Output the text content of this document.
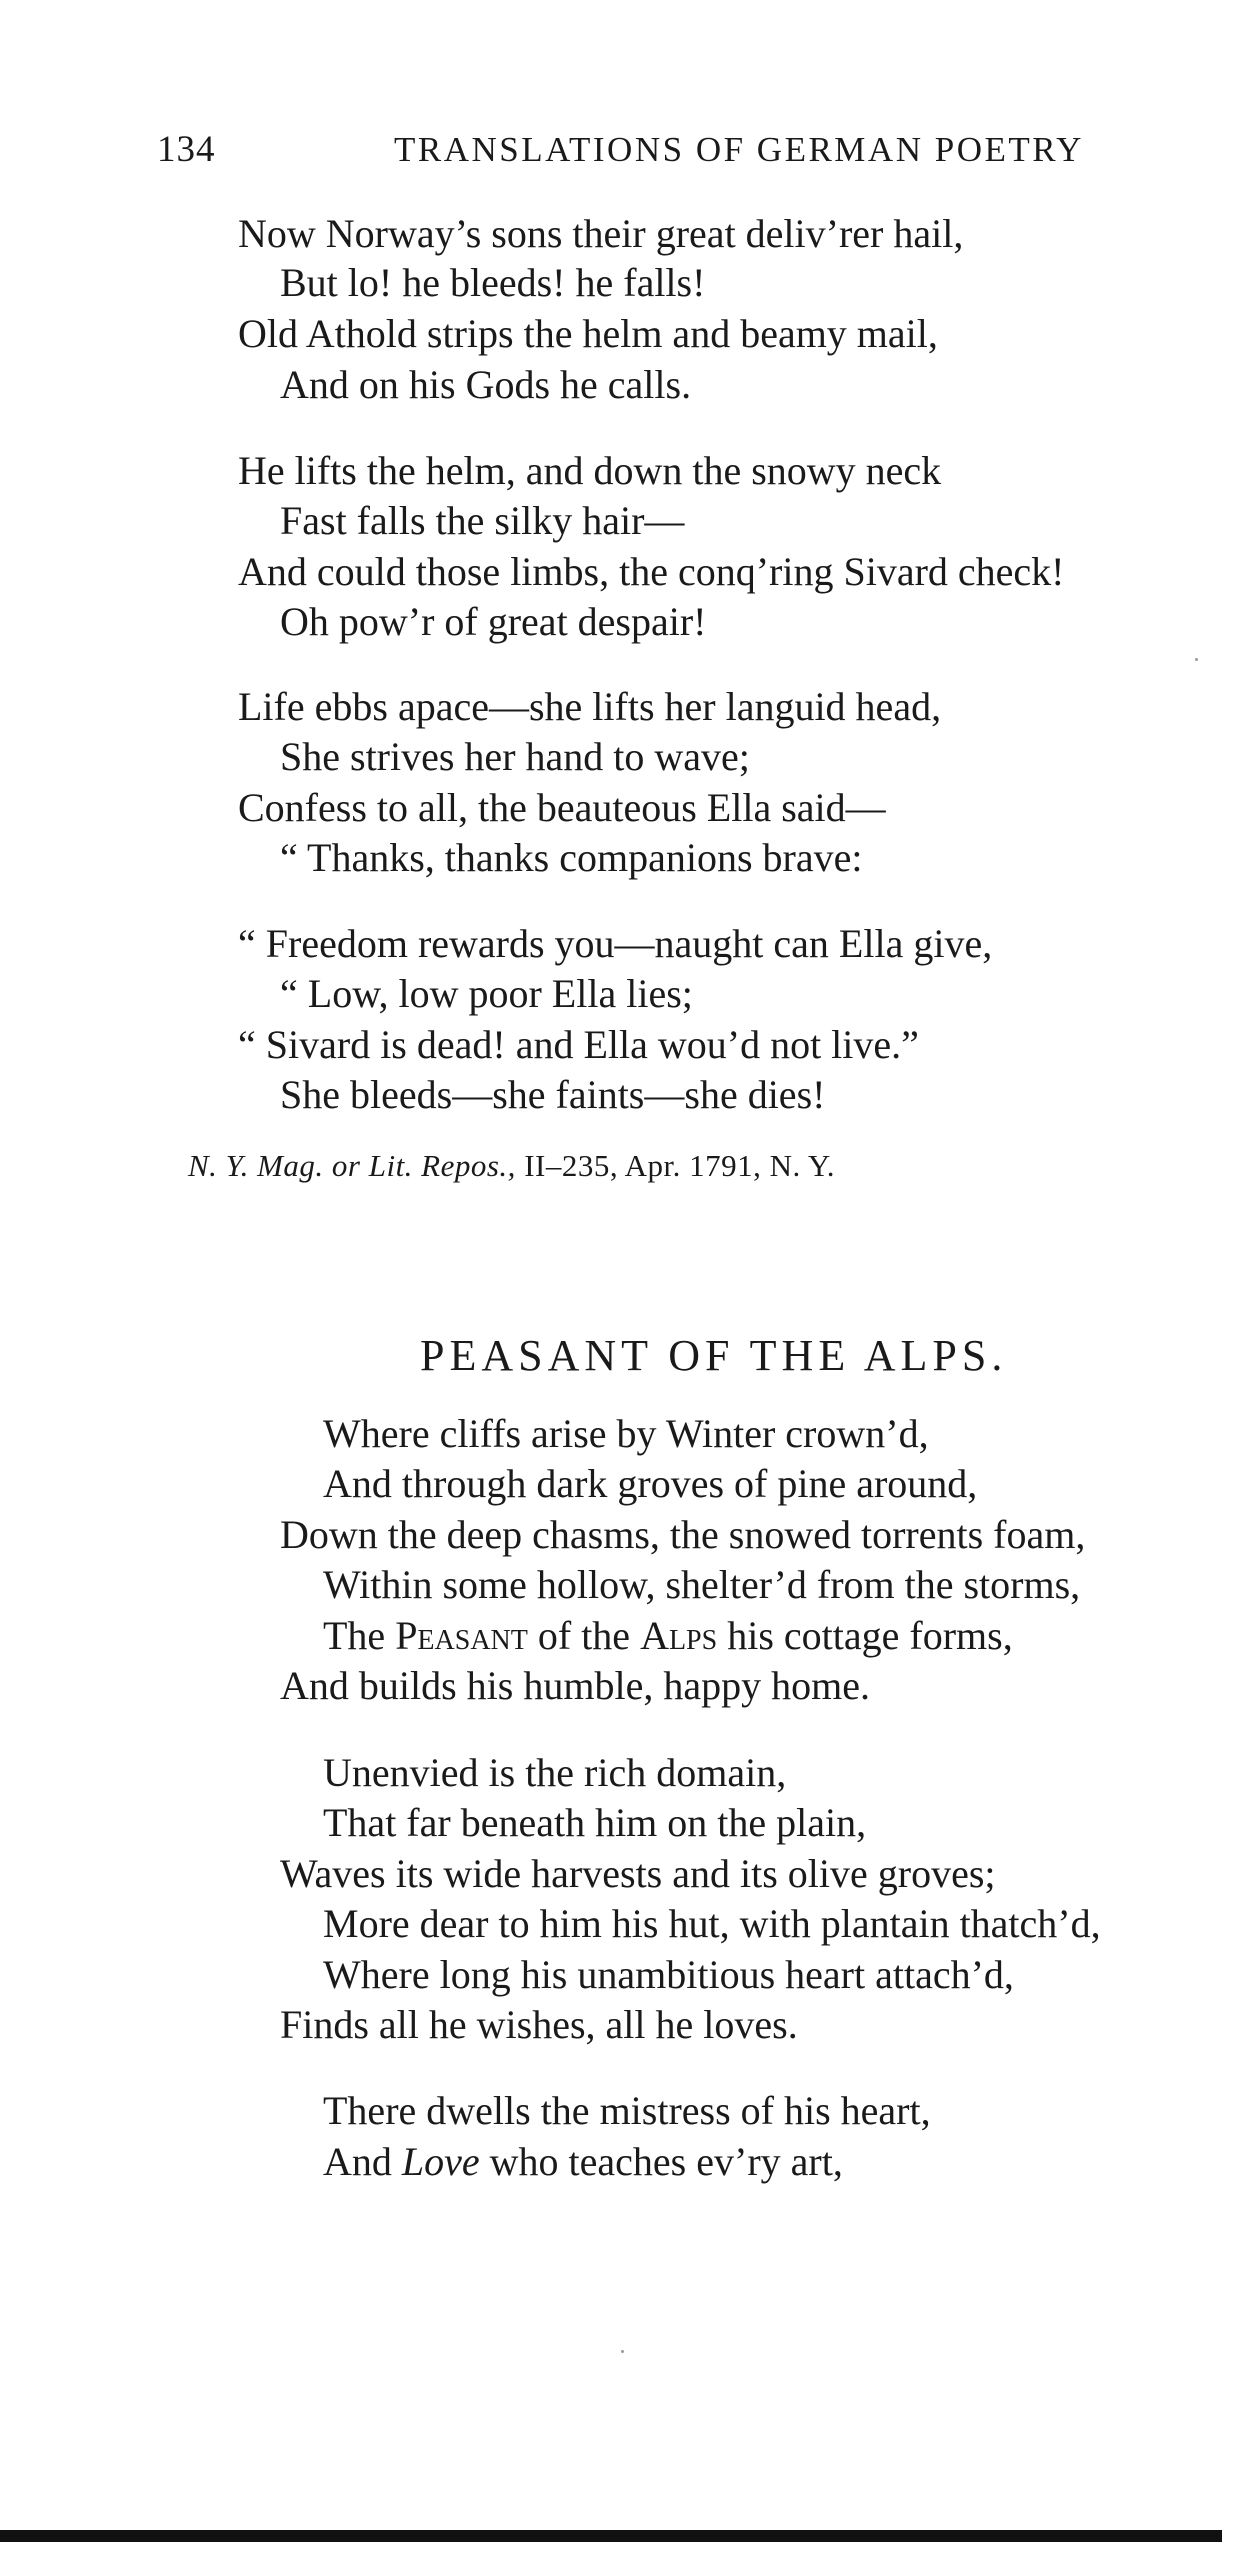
134	TRANSLATIONS OF GERMAN POETRY
Now Norway’s sons their great deliv’rer hail,
But lo! he bleeds! he falls!
Old Athold strips the helm and beamy mail,
And on his Gods he calls.
He lifts the helm, and down the snowy neck
Fast falls the silky hair—
And could those limbs, the conq’ring Sivard check!
Oh pow’r of great despair!
Life ebbs apace—she lifts her languid head,
She strives her hand to wave;
Confess to all, the beauteous Ella said—
“ Thanks, thanks companions brave:
“ Freedom rewards you—naught can Ella give,
“ Low, low poor Ella lies;
“ Sivard is dead! and Ella wou’d not live.”
She bleeds—she faints—she dies!
N. Y. Mag. or Lit. Repos., II–235, Apr. 1791, N. Y.
PEASANT OF THE ALPS.
Where cliffs arise by Winter crown’d,
And through dark groves of pine around,
Down the deep chasms, the snowed torrents foam,
Within some hollow, shelter’d from the storms,
The Peasant of the Alps his cottage forms,
And builds his humble, happy home.
Unenvied is the rich domain,
That far beneath him on the plain,
Waves its wide harvests and its olive groves;
More dear to him his hut, with plantain thatch’d,
Where long his unambitious heart attach’d,
Finds all he wishes, all he loves.
There dwells the mistress of his heart,
And Love who teaches ev’ry art,
